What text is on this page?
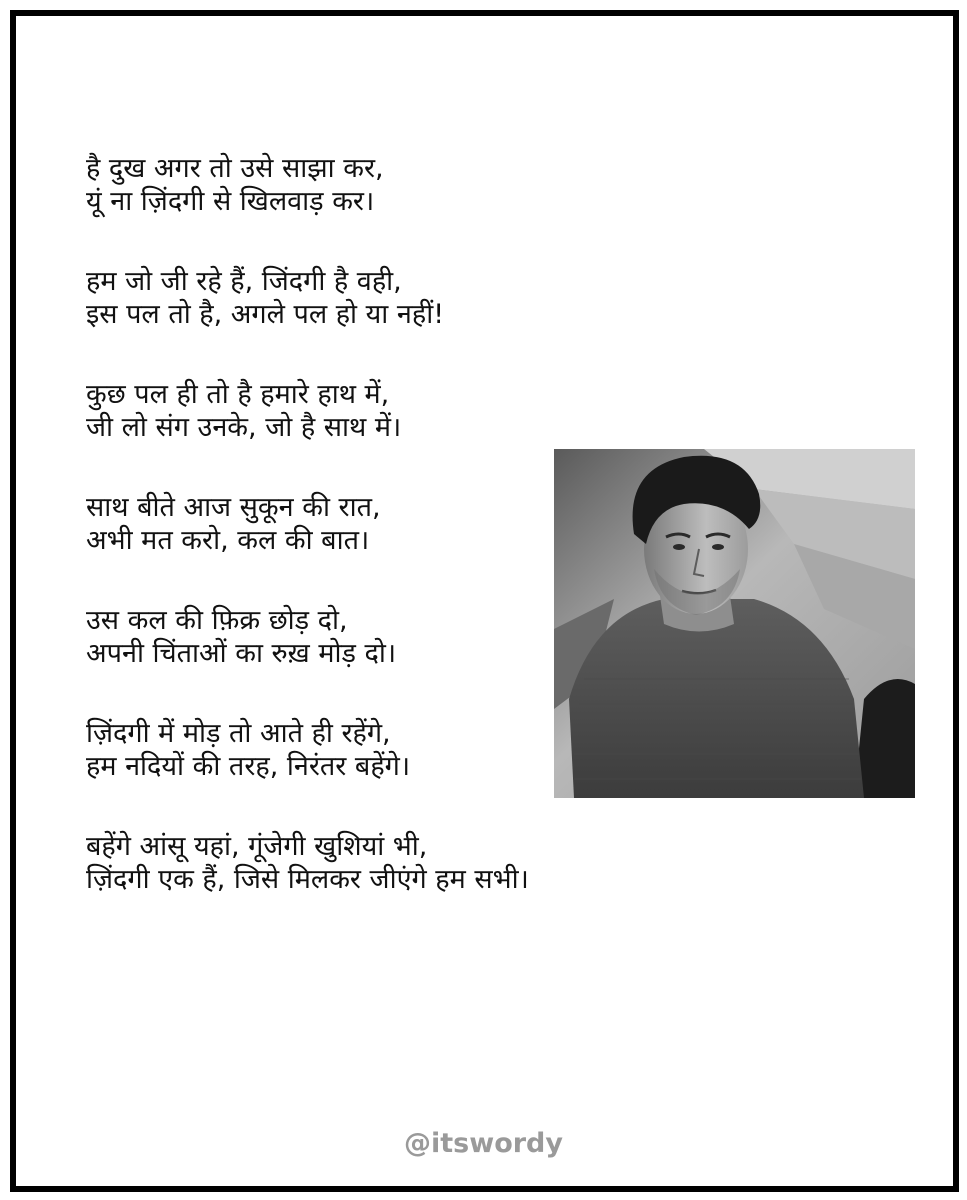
है दुख अगर तो उसे साझा कर,
यूं ना ज़िंदगी से खिलवाड़ कर।
हम जो जी रहे हैं, जिंदगी है वही,
इस पल तो है, अगले पल हो या नहीं!
कुछ पल ही तो है हमारे हाथ में,
जी लो संग उनके, जो है साथ में।
साथ बीते आज सुकून की रात,
अभी मत करो, कल की बात।
उस कल की फ़िक्र छोड़ दो,
अपनी चिंताओं का रुख़ मोड़ दो।
ज़िंदगी में मोड़ तो आते ही रहेंगे,
हम नदियों की तरह, निरंतर बहेंगे।
बहेंगे आंसू यहां, गूंजेगी खुशियां भी,
ज़िंदगी एक हैं, जिसे मिलकर जीएंगे हम सभी।
@itswordy
